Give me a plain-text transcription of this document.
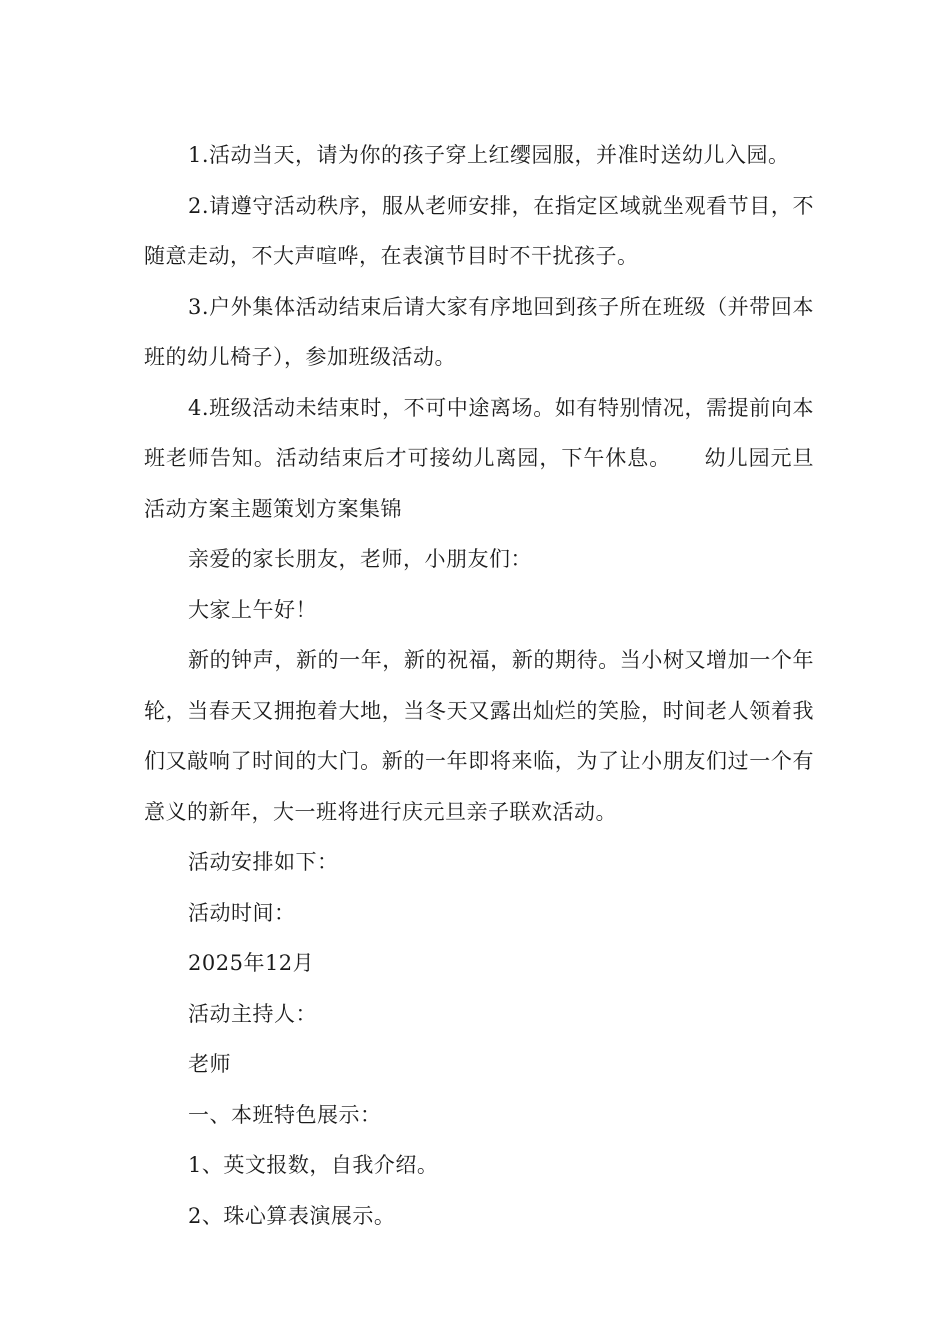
1.活动当天，请为你的孩子穿上红缨园服，并准时送幼儿入园。

2.请遵守活动秩序，服从老师安排，在指定区域就坐观看节目，不随意走动，不大声喧哗，在表演节目时不干扰孩子。

3.户外集体活动结束后请大家有序地回到孩子所在班级（并带回本班的幼儿椅子），参加班级活动。

4.班级活动未结束时，不可中途离场。如有特别情况，需提前向本班老师告知。活动结束后才可接幼儿离园，下午休息。　　幼儿园元旦活动方案主题策划方案集锦

亲爱的家长朋友，老师，小朋友们：

大家上午好！

新的钟声，新的一年，新的祝福，新的期待。当小树又增加一个年轮，当春天又拥抱着大地，当冬天又露出灿烂的笑脸，时间老人领着我们又敲响了时间的大门。新的一年即将来临，为了让小朋友们过一个有意义的新年，大一班将进行庆元旦亲子联欢活动。

活动安排如下：

活动时间：

2025年12月

活动主持人：

老师

一、本班特色展示：

1、英文报数，自我介绍。

2、珠心算表演展示。
